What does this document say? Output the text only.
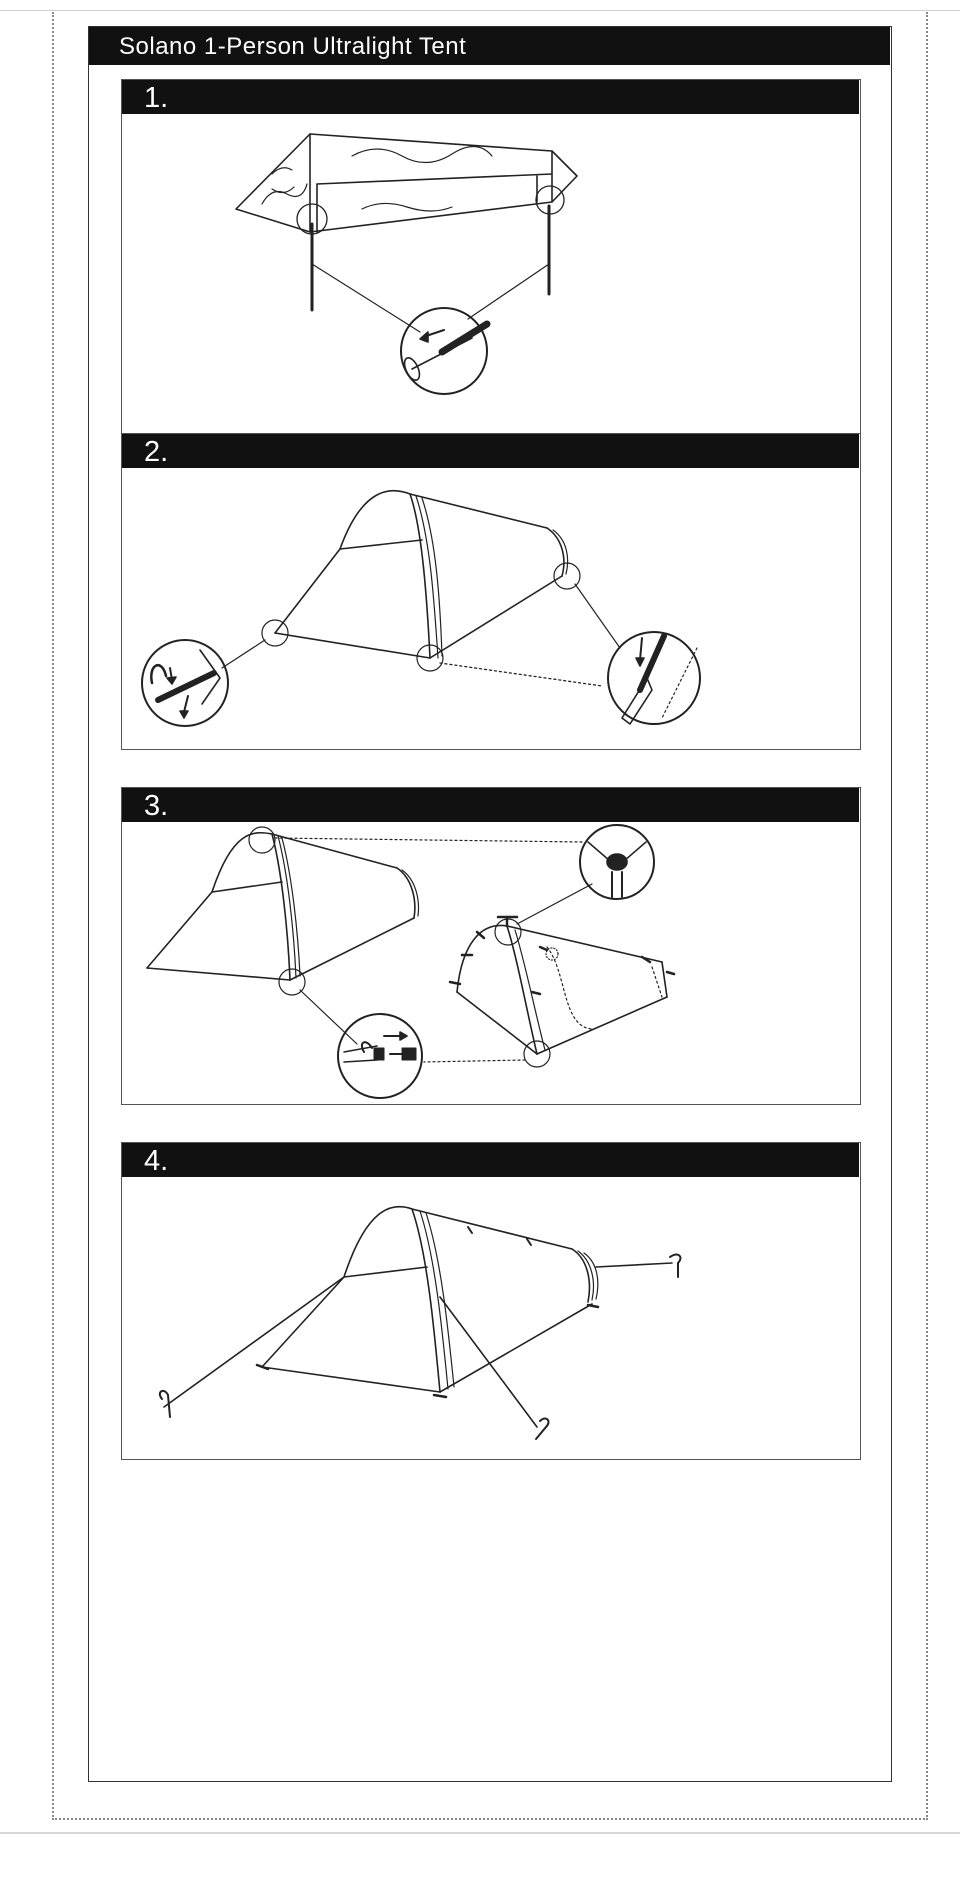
Solano 1-Person Ultralight Tent
1.
2.
3.
4.
